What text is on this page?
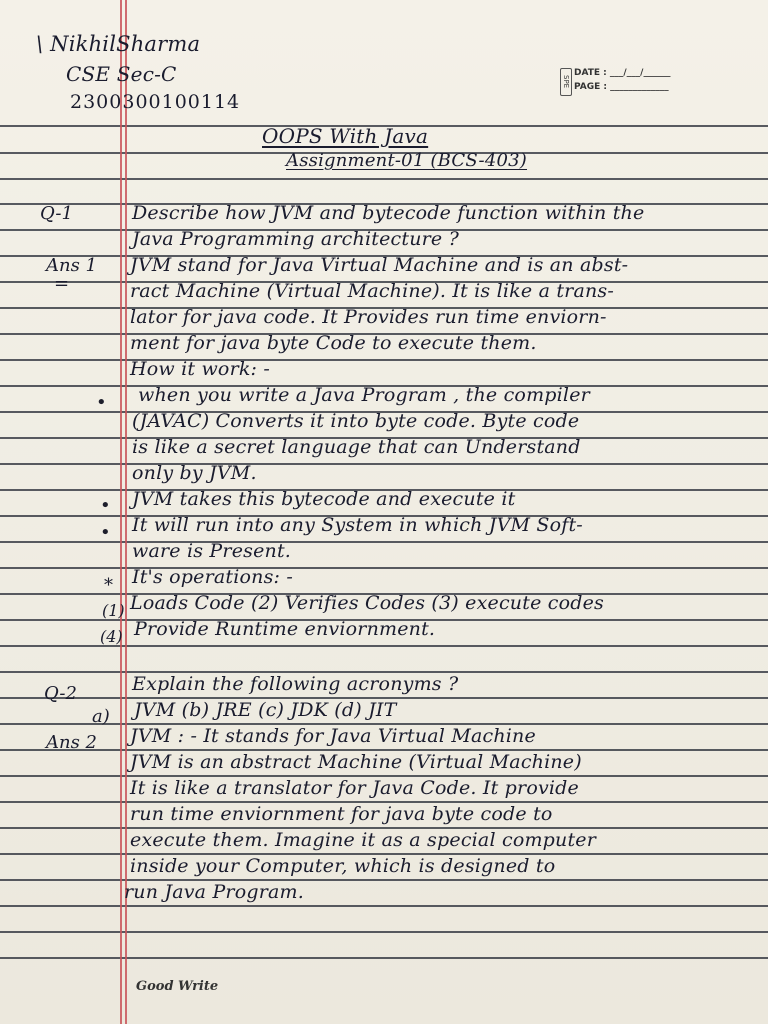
\ NikhilSharma
CSE Sec-C
2300300100114
SPE
DATE : ___/___/______
PAGE : _____________
OOPS With Java
Assignment-01 (BCS-403)
Q-1
Ans 1
=
•
•
•
*
(1)
(4)
Q-2
a)
Ans 2
Describe how JVM and bytecode function within the
Java Programming architecture ?
JVM stand for Java Virtual Machine and is an abst-
ract Machine (Virtual Machine). It is like a trans-
lator for java code. It Provides run time enviorn-
ment for java byte Code to execute them.
How it work: -
when you write a Java Program , the compiler
(JAVAC) Converts it into byte code. Byte code
is like a secret language that can Understand
only by JVM.
JVM takes this bytecode and execute it
It will run into any System in which JVM Soft-
ware is Present.
It's operations: -
Loads Code (2) Verifies Codes (3) execute codes
Provide Runtime enviornment.
Explain the following acronyms ?
JVM (b) JRE (c) JDK (d) JIT
JVM : - It stands for Java Virtual Machine
JVM is an abstract Machine (Virtual Machine)
It is like a translator for Java Code. It provide
run time enviornment for java byte code to
execute them. Imagine it as a special computer
inside your Computer, which is designed to
run Java Program.
Good Write
